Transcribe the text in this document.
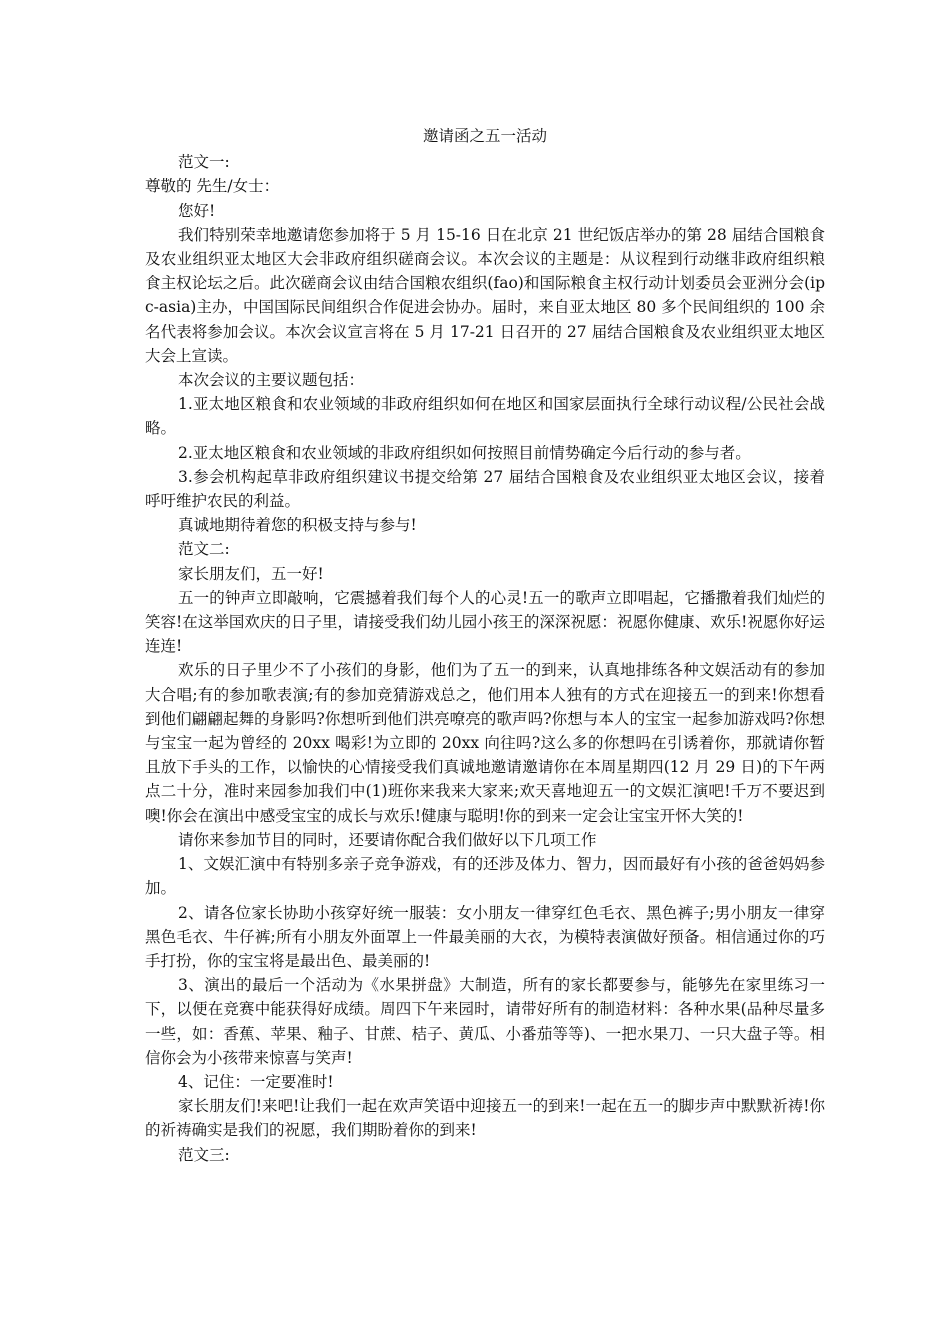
邀请函之五一活动

范文一:

尊敬的 先生/女士：

您好!

我们特别荣幸地邀请您参加将于 5 月 15-16 日在北京 21 世纪饭店举办的第 28 届结合国粮食及农业组织亚太地区大会非政府组织磋商会议。本次会议的主题是：从议程到行动继非政府组织粮食主权论坛之后。此次磋商会议由结合国粮农组织(fao)和国际粮食主权行动计划委员会亚洲分会(ipc-asia)主办，中国国际民间组织合作促进会协办。届时，来自亚太地区 80 多个民间组织的 100 余名代表将参加会议。本次会议宣言将在 5 月 17-21 日召开的 27 届结合国粮食及农业组织亚太地区大会上宣读。

本次会议的主要议题包括：

1.亚太地区粮食和农业领域的非政府组织如何在地区和国家层面执行全球行动议程/公民社会战略。

2.亚太地区粮食和农业领域的非政府组织如何按照目前情势确定今后行动的参与者。

3.参会机构起草非政府组织建议书提交给第 27 届结合国粮食及农业组织亚太地区会议，接着呼吁维护农民的利益。

真诚地期待着您的积极支持与参与!

范文二:

家长朋友们，五一好!

五一的钟声立即敲响，它震撼着我们每个人的心灵!五一的歌声立即唱起，它播撒着我们灿烂的笑容!在这举国欢庆的日子里，请接受我们幼儿园小孩王的深深祝愿：祝愿你健康、欢乐!祝愿你好运连连!

欢乐的日子里少不了小孩们的身影，他们为了五一的到来，认真地排练各种文娱活动有的参加大合唱;有的参加歌表演;有的参加竞猜游戏总之，他们用本人独有的方式在迎接五一的到来!你想看到他们翩翩起舞的身影吗?你想听到他们洪亮嘹亮的歌声吗?你想与本人的宝宝一起参加游戏吗?你想与宝宝一起为曾经的 20xx 喝彩!为立即的 20xx 向往吗?这么多的你想吗在引诱着你，那就请你暂且放下手头的工作，以愉快的心情接受我们真诚地邀请邀请你在本周星期四(12 月 29 日)的下午两点二十分，准时来园参加我们中(1)班你来我来大家来;欢天喜地迎五一的文娱汇演吧!千万不要迟到噢!你会在演出中感受宝宝的成长与欢乐!健康与聪明!你的到来一定会让宝宝开怀大笑的!

请你来参加节目的同时，还要请你配合我们做好以下几项工作

1、文娱汇演中有特别多亲子竞争游戏，有的还涉及体力、智力，因而最好有小孩的爸爸妈妈参加。

2、请各位家长协助小孩穿好统一服装：女小朋友一律穿红色毛衣、黑色裤子;男小朋友一律穿黑色毛衣、牛仔裤;所有小朋友外面罩上一件最美丽的大衣，为模特表演做好预备。相信通过你的巧手打扮，你的宝宝将是最出色、最美丽的!

3、演出的最后一个活动为《水果拼盘》大制造，所有的家长都要参与，能够先在家里练习一下，以便在竞赛中能获得好成绩。周四下午来园时，请带好所有的制造材料：各种水果(品种尽量多一些，如：香蕉、苹果、釉子、甘蔗、桔子、黄瓜、小番茄等等)、一把水果刀、一只大盘子等。相信你会为小孩带来惊喜与笑声!

4、记住：一定要准时!

家长朋友们!来吧!让我们一起在欢声笑语中迎接五一的到来!一起在五一的脚步声中默默祈祷!你的祈祷确实是我们的祝愿，我们期盼着你的到来!

范文三:
